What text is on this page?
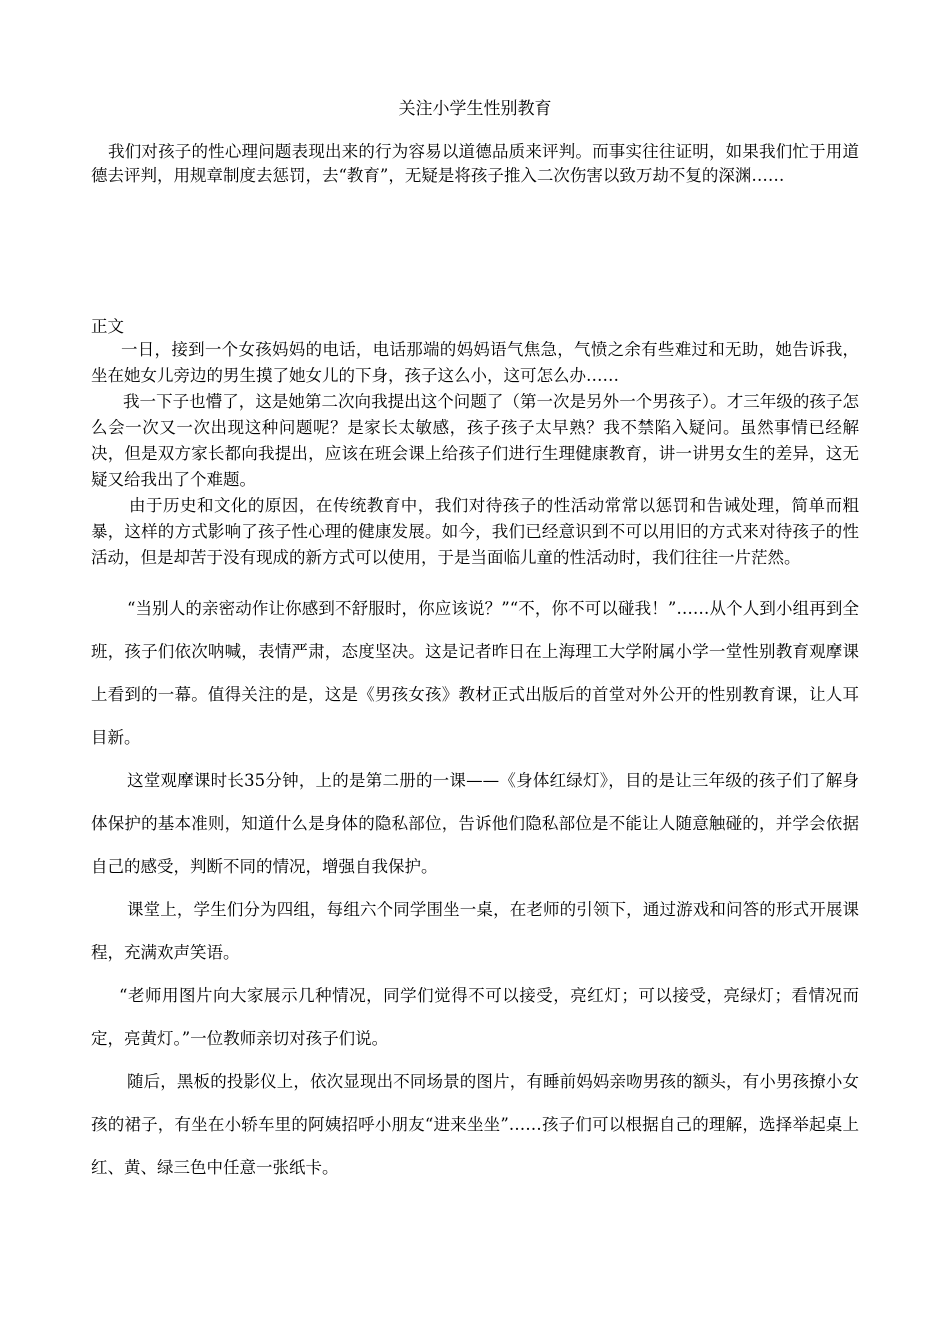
关注小学生性别教育
我们对孩子的性心理问题表现出来的行为容易以道德品质来评判。而事实往往证明，如果我们忙于用道德去评判，用规章制度去惩罚，去“教育”，无疑是将孩子推入二次伤害以致万劫不复的深渊……
正文

一日，接到一个女孩妈妈的电话，电话那端的妈妈语气焦急，气愤之余有些难过和无助，她告诉我，坐在她女儿旁边的男生摸了她女儿的下身，孩子这么小，这可怎么办……

我一下子也懵了，这是她第二次向我提出这个问题了（第一次是另外一个男孩子）。才三年级的孩子怎么会一次又一次出现这种问题呢？是家长太敏感，孩子孩子太早熟？我不禁陷入疑问。虽然事情已经解决，但是双方家长都向我提出，应该在班会课上给孩子们进行生理健康教育，讲一讲男女生的差异，这无疑又给我出了个难题。

由于历史和文化的原因，在传统教育中，我们对待孩子的性活动常常以惩罚和告诫处理，简单而粗暴，这样的方式影响了孩子性心理的健康发展。如今，我们已经意识到不可以用旧的方式来对待孩子的性活动，但是却苦于没有现成的新方式可以使用，于是当面临儿童的性活动时，我们往往一片茫然。

“当别人的亲密动作让你感到不舒服时，你应该说？”“不，你不可以碰我！”……从个人到小组再到全班，孩子们依次呐喊，表情严肃，态度坚决。这是记者昨日在上海理工大学附属小学一堂性别教育观摩课上看到的一幕。值得关注的是，这是《男孩女孩》教材正式出版后的首堂对外公开的性别教育课，让人耳目新。

这堂观摩课时长35分钟，上的是第二册的一课——《身体红绿灯》，目的是让三年级的孩子们了解身体保护的基本准则，知道什么是身体的隐私部位，告诉他们隐私部位是不能让人随意触碰的，并学会依据自己的感受，判断不同的情况，增强自我保护。

课堂上，学生们分为四组，每组六个同学围坐一桌，在老师的引领下，通过游戏和问答的形式开展课程，充满欢声笑语。

“老师用图片向大家展示几种情况，同学们觉得不可以接受，亮红灯；可以接受，亮绿灯；看情况而定，亮黄灯。”一位教师亲切对孩子们说。

随后，黑板的投影仪上，依次显现出不同场景的图片，有睡前妈妈亲吻男孩的额头，有小男孩撩小女孩的裙子，有坐在小轿车里的阿姨招呼小朋友“进来坐坐”……孩子们可以根据自己的理解，选择举起桌上红、黄、绿三色中任意一张纸卡。
